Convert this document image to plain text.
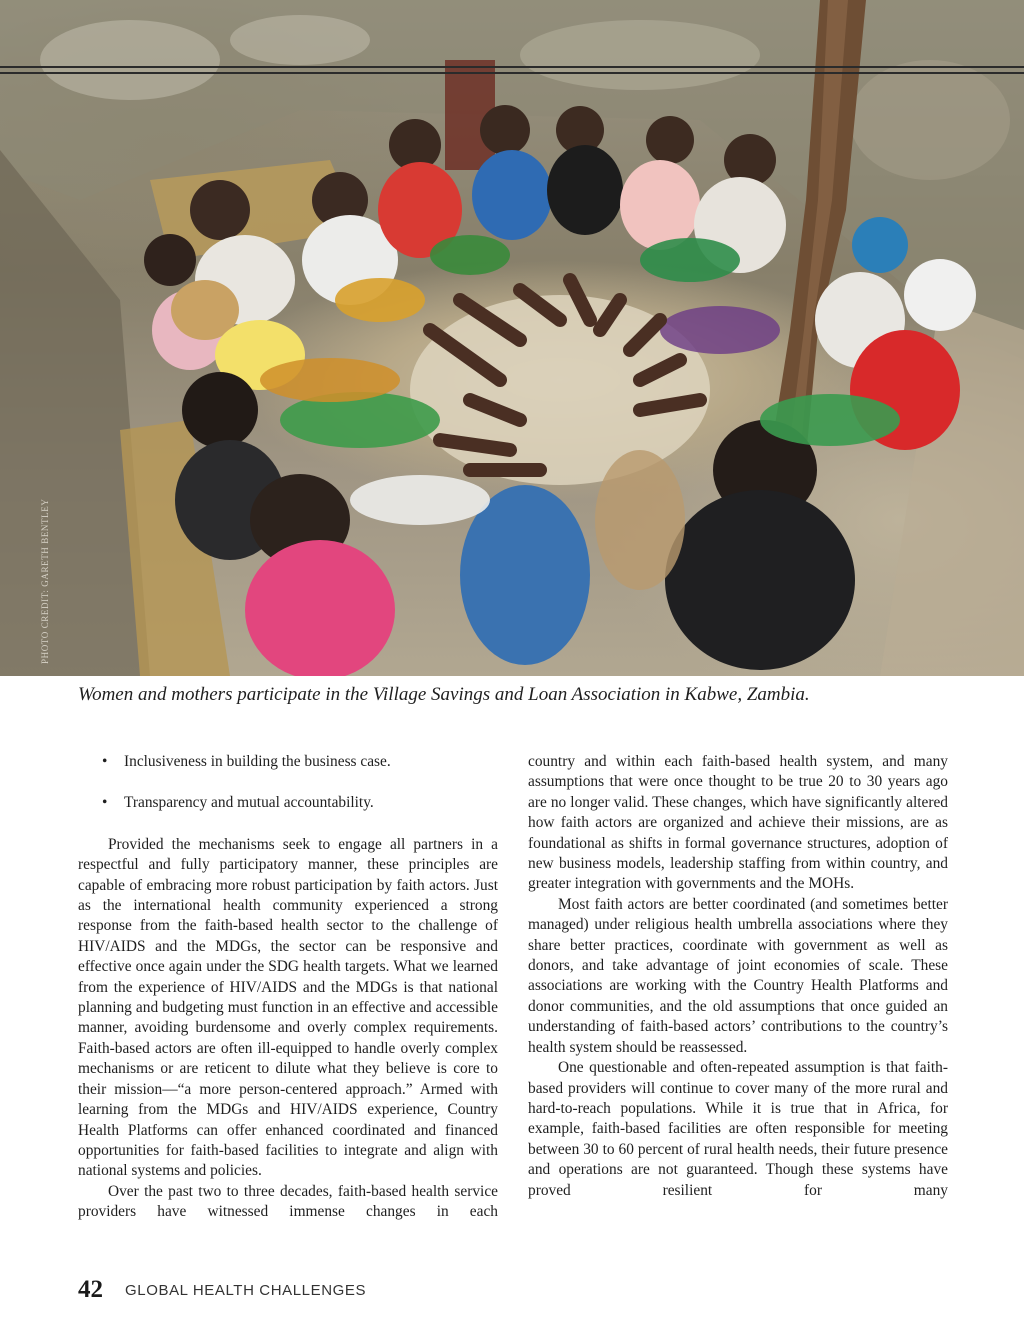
PHOTO CREDIT: GARETH BENTLEY

Women and mothers participate in the Village Savings and Loan Association in Kabwe, Zambia.

• Inclusiveness in building the business case.
• Transparency and mutual accountability.

Provided the mechanisms seek to engage all partners in a respectful and fully participatory manner, these principles are capable of embracing more robust participation by faith actors. Just as the international health community experienced a strong response from the faith-based health sector to the challenge of HIV/AIDS and the MDGs, the sector can be responsive and effective once again under the SDG health targets. What we learned from the experience of HIV/AIDS and the MDGs is that national planning and budgeting must function in an effective and accessible manner, avoiding burdensome and overly complex requirements. Faith-based actors are often ill-equipped to handle overly complex mechanisms or are reticent to dilute what they believe is core to their mission—“a more person-centered approach.” Armed with learning from the MDGs and HIV/AIDS experience, Country Health Platforms can offer enhanced coordinated and financed opportunities for faith-based facilities to integrate and align with national systems and policies.

Over the past two to three decades, faith-based health service providers have witnessed immense changes in each

country and within each faith-based health system, and many assumptions that were once thought to be true 20 to 30 years ago are no longer valid. These changes, which have significantly altered how faith actors are organized and achieve their missions, are as foundational as shifts in formal governance structures, adoption of new business models, leadership staffing from within country, and greater integration with governments and the MOHs.

Most faith actors are better coordinated (and sometimes better managed) under religious health umbrella associations where they share better practices, coordinate with government as well as donors, and take advantage of joint economies of scale. These associations are working with the Country Health Platforms and donor communities, and the old assumptions that once guided an understanding of faith-based actors’ contributions to the country’s health system should be reassessed.

One questionable and often-repeated assumption is that faith-based providers will continue to cover many of the more rural and hard-to-reach populations. While it is true that in Africa, for example, faith-based facilities are often responsible for meeting between 30 to 60 percent of rural health needs, their future presence and operations are not guaranteed. Though these systems have proved resilient for many

42 GLOBAL HEALTH CHALLENGES
